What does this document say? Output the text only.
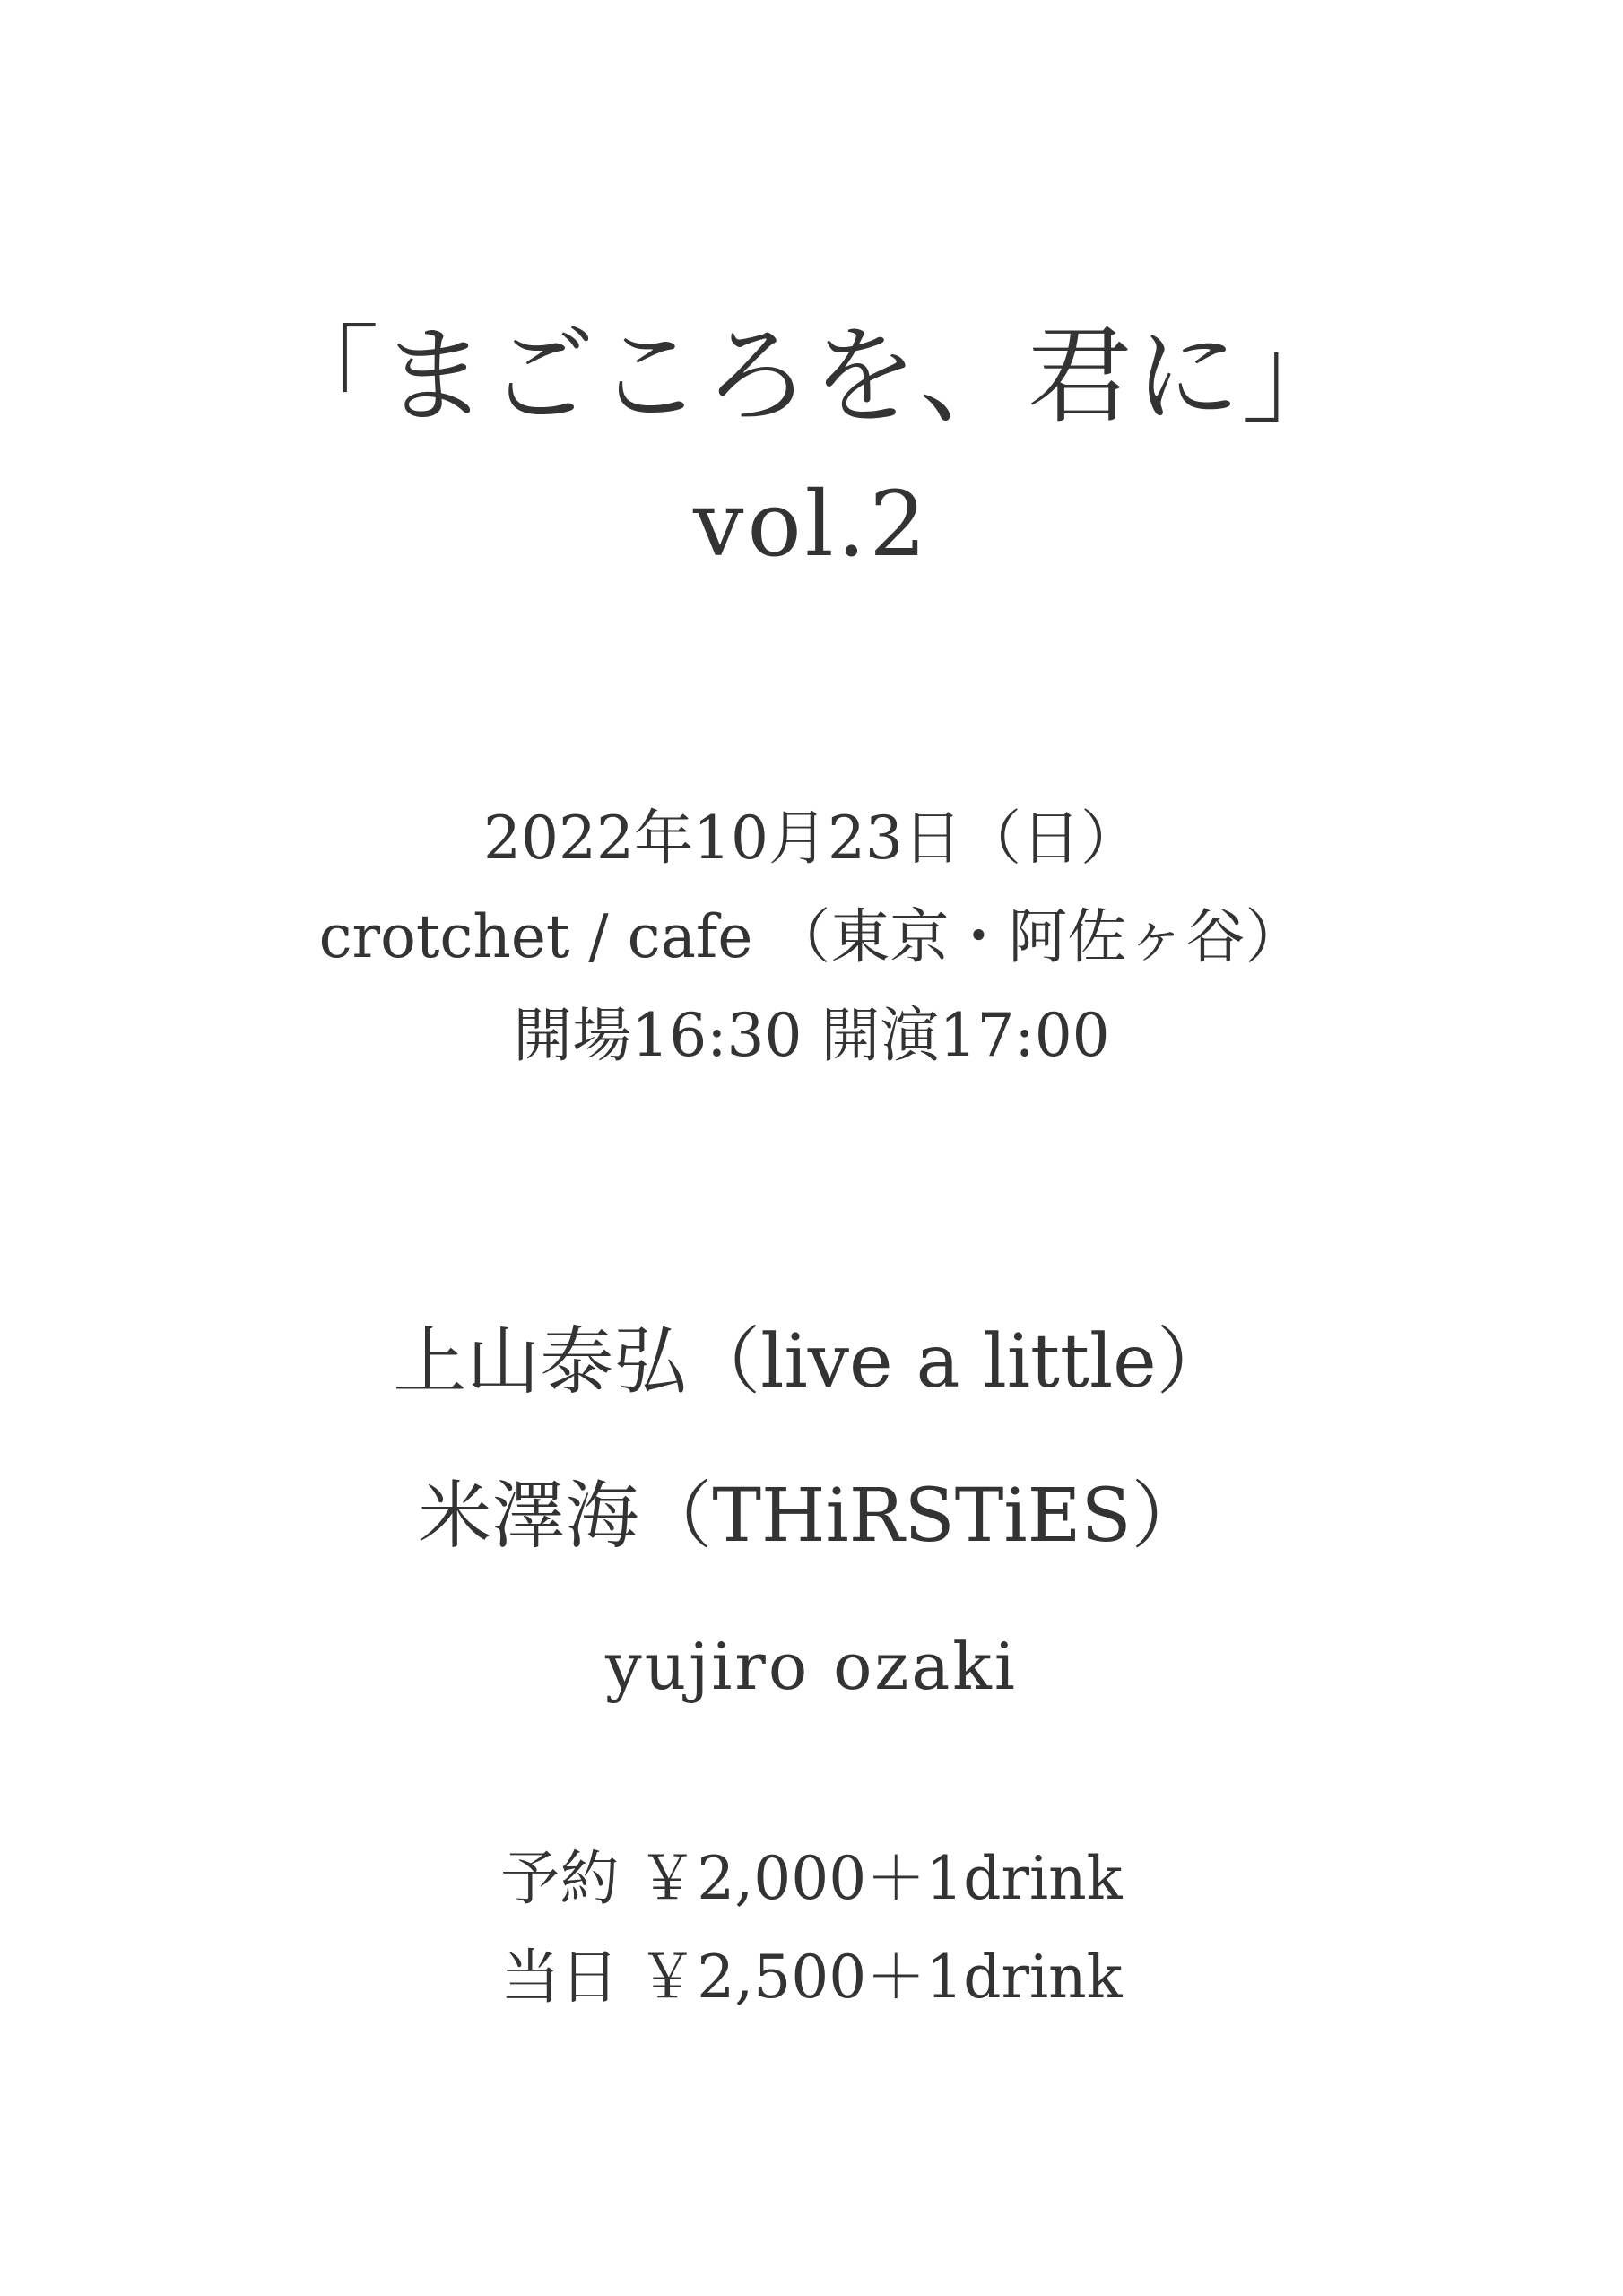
「まごころを、君に」
vol.2
2022年10月23日（日）
crotchet / cafe （東京・阿佐ヶ谷）
開場16:30 開演17:00
上山泰弘（live a little）
米澤海（THiRSTiES）
yujiro ozaki
予約 ￥2,000＋1drink
当日 ￥2,500＋1drink
